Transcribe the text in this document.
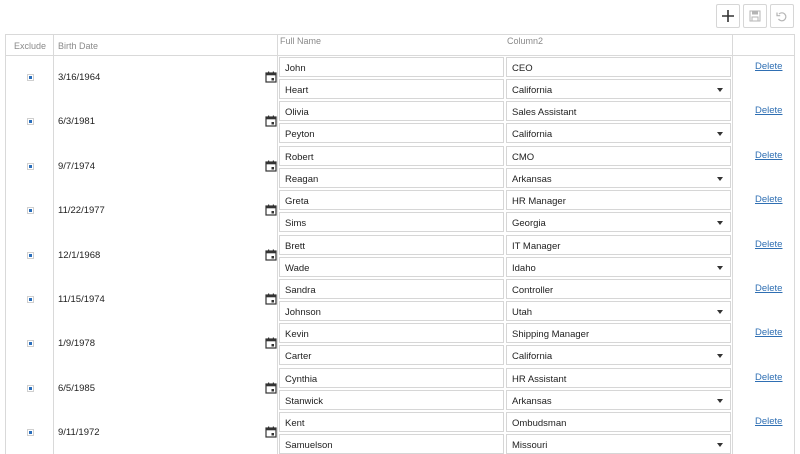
Exclude Birth Date	Full Name	Column2
3/16/1964
John
Heart
CEO
California
Delete
6/3/1981
Olivia
Peyton
Sales Assistant
California
Delete
9/7/1974
Robert
Reagan
CMO
Arkansas
Delete
11/22/1977
Greta
Sims
HR Manager
Georgia
Delete
12/1/1968
Brett
Wade
IT Manager
Idaho
Delete
11/15/1974
Sandra
Johnson
Controller
Utah
Delete
1/9/1978
Kevin
Carter
Shipping Manager
California
Delete
6/5/1985
Cynthia
Stanwick
HR Assistant
Arkansas
Delete
9/11/1972
Kent
Samuelson
Ombudsman
Missouri
Delete
